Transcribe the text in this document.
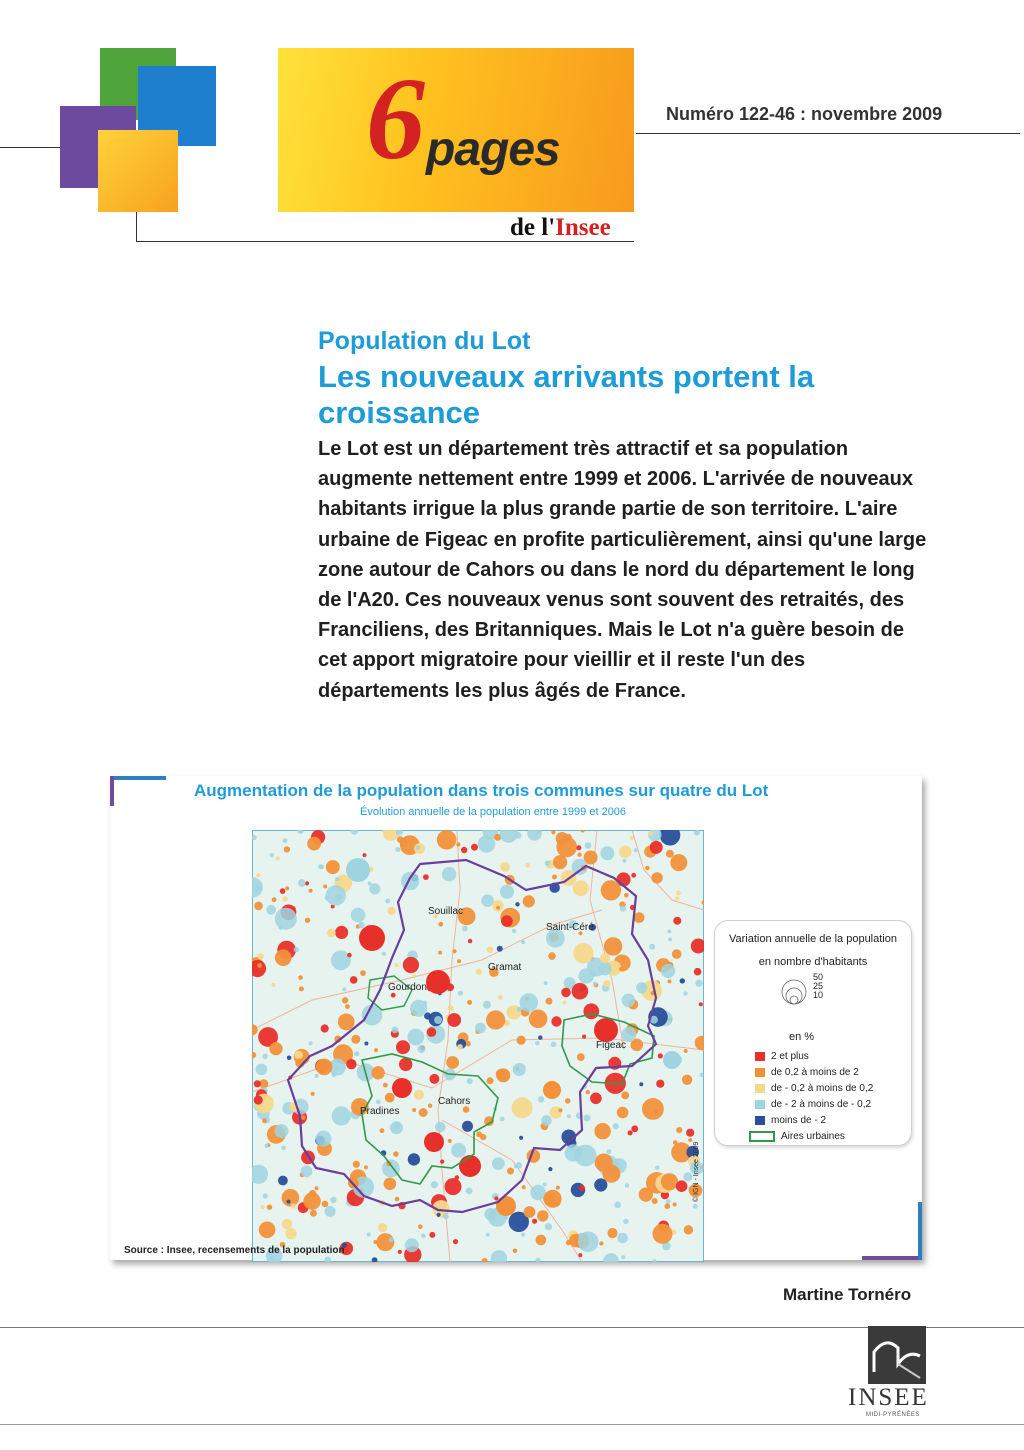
6 pages
de l'Insee
Numéro 122-46 : novembre 2009
Population du Lot
Les nouveaux arrivants portent la croissance
Le Lot est un département très attractif et sa population augmente nettement entre 1999 et 2006. L'arrivée de nouveaux habitants irrigue la plus grande partie de son territoire. L'aire urbaine de Figeac en profite particulièrement, ainsi qu'une large zone autour de Cahors ou dans le nord du département le long de l'A20. Ces nouveaux venus sont souvent des retraités, des Franciliens, des Britanniques. Mais le Lot n'a guère besoin de cet apport migratoire pour vieillir et il reste l'un des départements les plus âgés de France.
Augmentation de la population dans trois communes sur quatre du Lot
Évolution annuelle de la population entre 1999 et 2006
Souillac
Saint-Céré
Gramat
Gourdon
Figeac
Cahors
Pradines
© IGN - Insee 2009
Variation annuelle de la population
en nombre d'habitants
50
25
10
en %
2 et plus
de 0,2 à moins de 2
de - 0,2 à moins de 0,2
de - 2 à moins de - 0,2
moins de - 2
Aires urbaines
Source : Insee, recensements de la population
Martine Tornéro
INSEE
MIDI-PYRÉNÉES
